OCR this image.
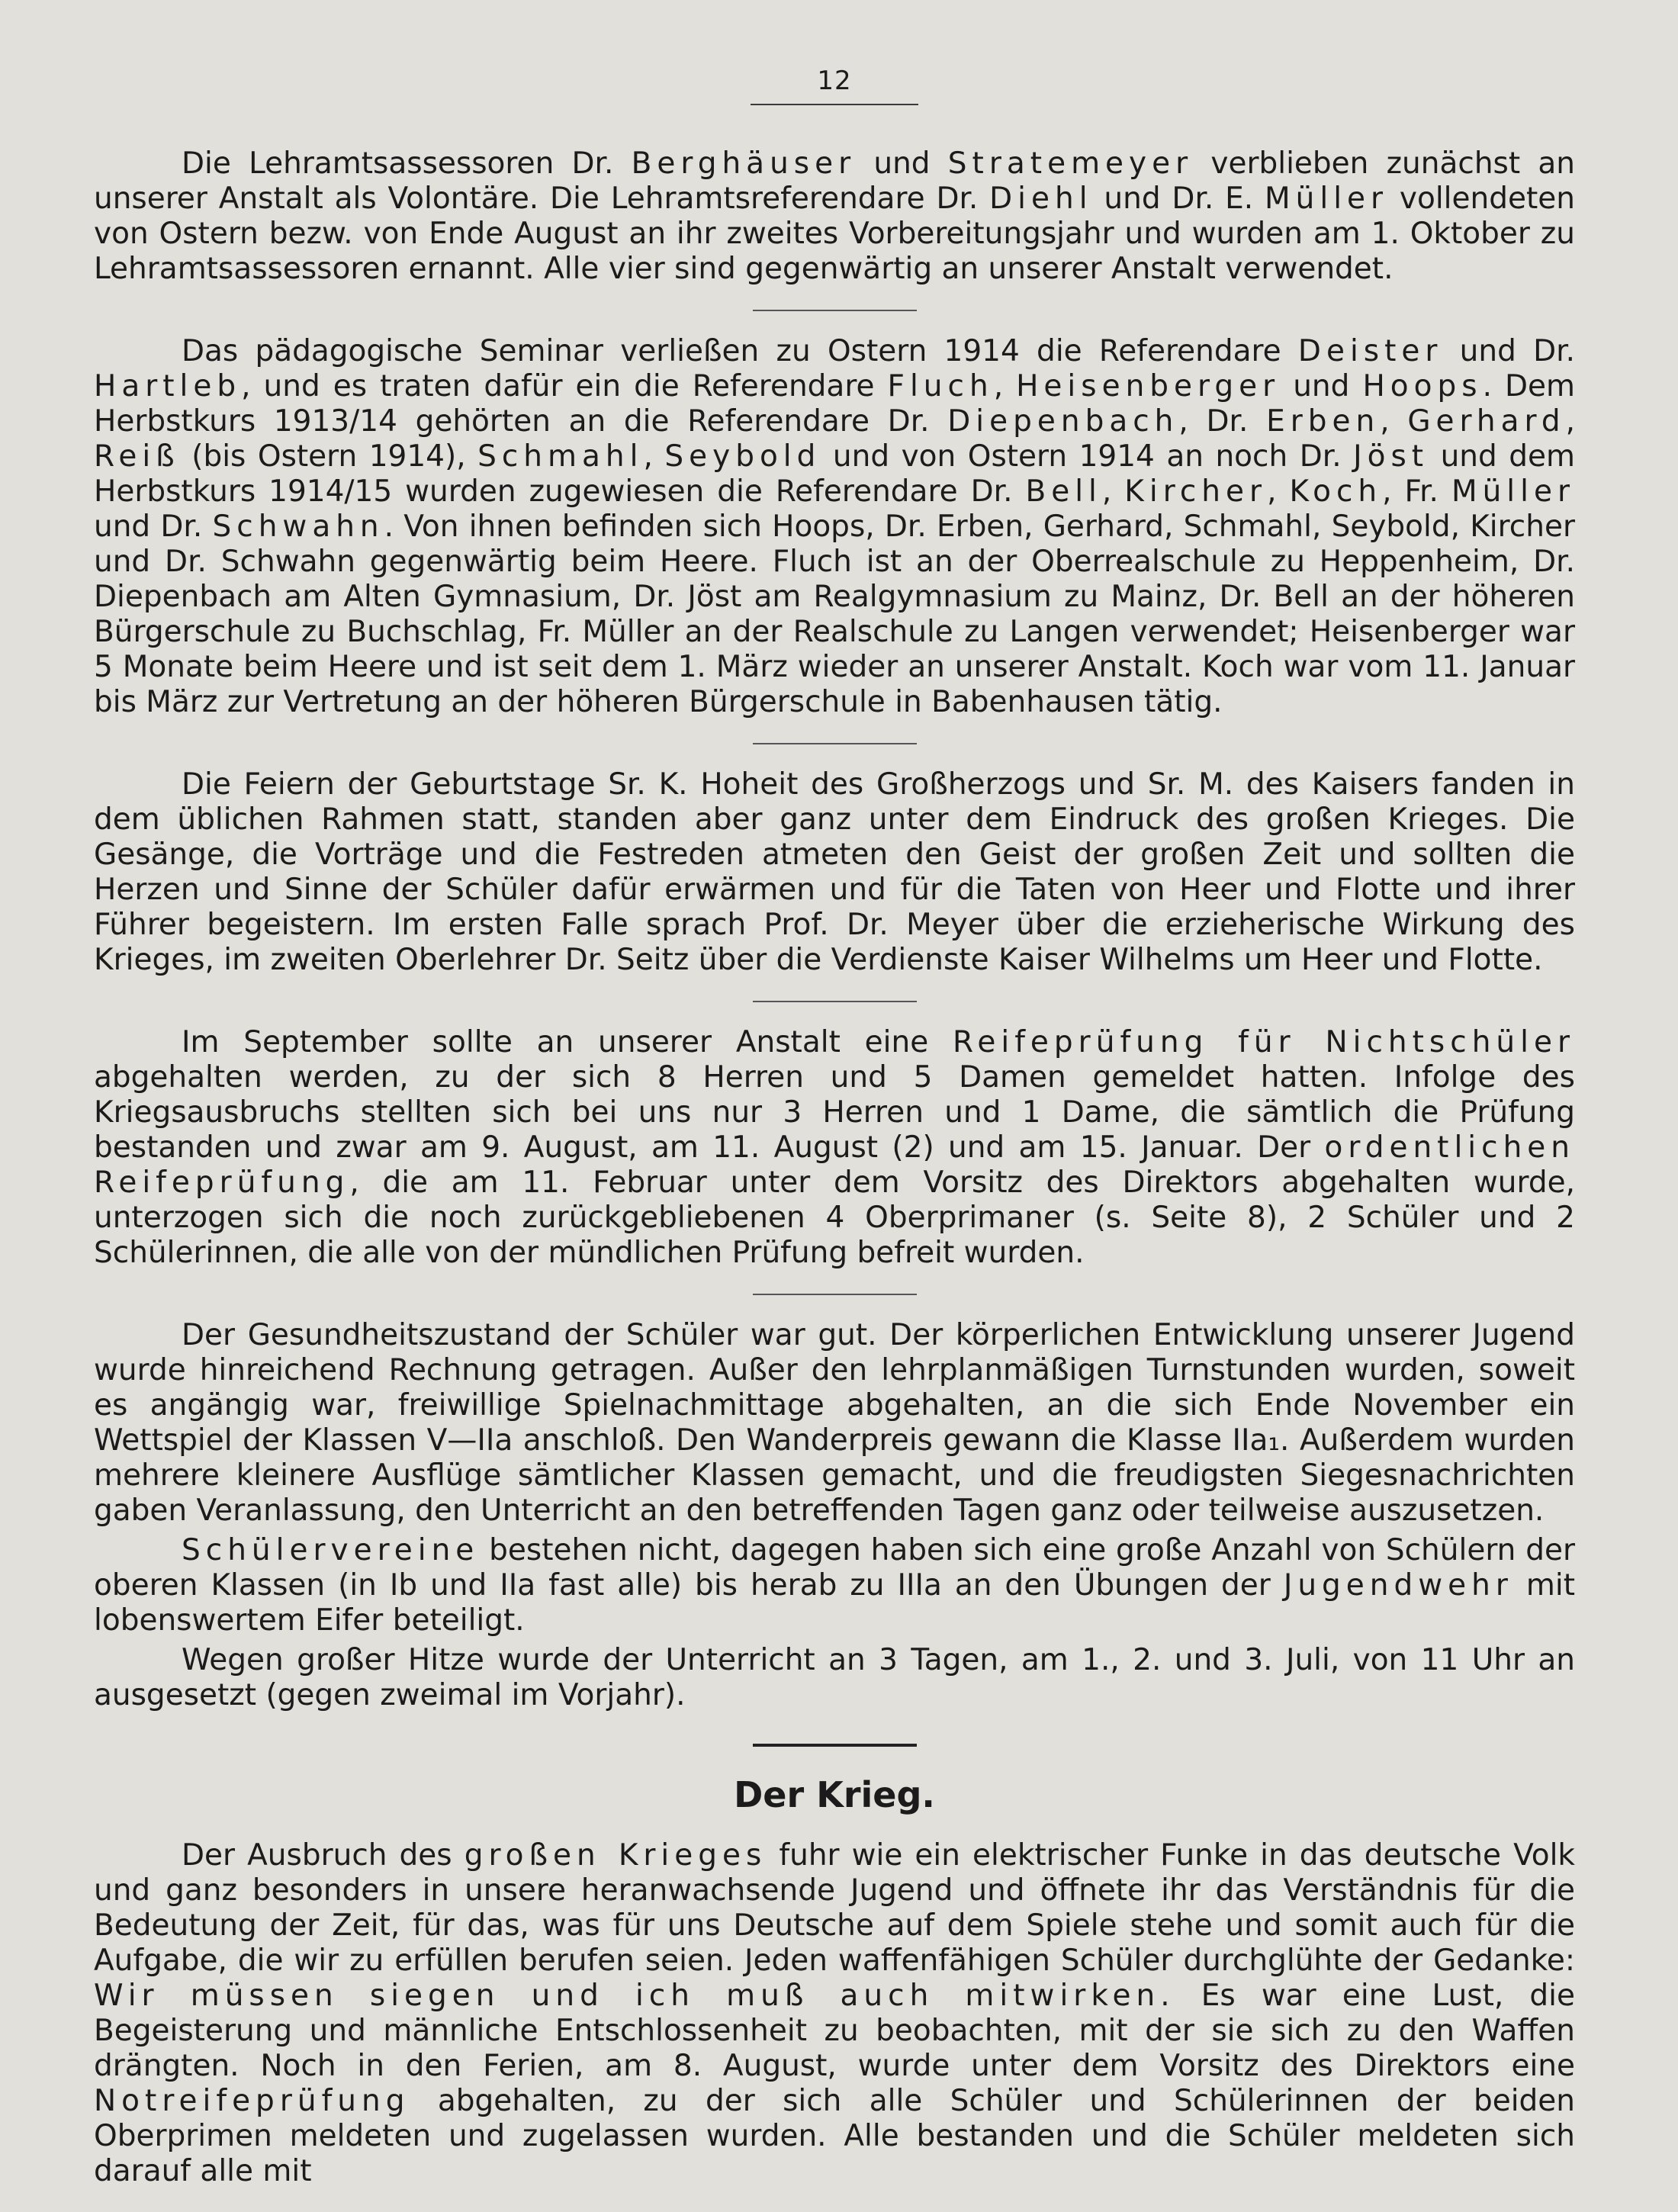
12

Die Lehramtsassessoren Dr. Berghäuser und Stratemeyer verblieben zunächst an unserer Anstalt als Volontäre. Die Lehramtsreferendare Dr. Diehl und Dr. E. Müller vollendeten von Ostern bezw. von Ende August an ihr zweites Vorbereitungsjahr und wurden am 1. Oktober zu Lehramtsassessoren ernannt. Alle vier sind gegenwärtig an unserer Anstalt verwendet.

Das pädagogische Seminar verließen zu Ostern 1914 die Referendare Deister und Dr. Hartleb, und es traten dafür ein die Referendare Fluch, Heisenberger und Hoops. Dem Herbstkurs 1913/14 gehörten an die Referendare Dr. Diepenbach, Dr. Erben, Gerhard, Reiß (bis Ostern 1914), Schmahl, Seybold und von Ostern 1914 an noch Dr. Jöst und dem Herbstkurs 1914/15 wurden zugewiesen die Referendare Dr. Bell, Kircher, Koch, Fr. Müller und Dr. Schwahn. Von ihnen befinden sich Hoops, Dr. Erben, Gerhard, Schmahl, Seybold, Kircher und Dr. Schwahn gegenwärtig beim Heere. Fluch ist an der Oberrealschule zu Heppenheim, Dr. Diepenbach am Alten Gymnasium, Dr. Jöst am Realgymnasium zu Mainz, Dr. Bell an der höheren Bürgerschule zu Buchschlag, Fr. Müller an der Realschule zu Langen verwendet; Heisenberger war 5 Monate beim Heere und ist seit dem 1. März wieder an unserer Anstalt. Koch war vom 11. Januar bis März zur Vertretung an der höheren Bürgerschule in Babenhausen tätig.

Die Feiern der Geburtstage Sr. K. Hoheit des Großherzogs und Sr. M. des Kaisers fanden in dem üblichen Rahmen statt, standen aber ganz unter dem Eindruck des großen Krieges. Die Gesänge, die Vorträge und die Festreden atmeten den Geist der großen Zeit und sollten die Herzen und Sinne der Schüler dafür erwärmen und für die Taten von Heer und Flotte und ihrer Führer begeistern. Im ersten Falle sprach Prof. Dr. Meyer über die erzieherische Wirkung des Krieges, im zweiten Oberlehrer Dr. Seitz über die Verdienste Kaiser Wilhelms um Heer und Flotte.

Im September sollte an unserer Anstalt eine Reifeprüfung für Nichtschüler abgehalten werden, zu der sich 8 Herren und 5 Damen gemeldet hatten. Infolge des Kriegsausbruchs stellten sich bei uns nur 3 Herren und 1 Dame, die sämtlich die Prüfung bestanden und zwar am 9. August, am 11. August (2) und am 15. Januar. Der ordentlichen Reifeprüfung, die am 11. Februar unter dem Vorsitz des Direktors abgehalten wurde, unterzogen sich die noch zurückgebliebenen 4 Oberprimaner (s. Seite 8), 2 Schüler und 2 Schülerinnen, die alle von der mündlichen Prüfung befreit wurden.

Der Gesundheitszustand der Schüler war gut. Der körperlichen Entwicklung unserer Jugend wurde hinreichend Rechnung getragen. Außer den lehrplanmäßigen Turnstunden wurden, soweit es angängig war, freiwillige Spielnachmittage abgehalten, an die sich Ende November ein Wettspiel der Klassen V—IIa anschloß. Den Wanderpreis gewann die Klasse IIa₁. Außerdem wurden mehrere kleinere Ausflüge sämtlicher Klassen gemacht, und die freudigsten Siegesnachrichten gaben Veranlassung, den Unterricht an den betreffenden Tagen ganz oder teilweise auszusetzen.

Schülervereine bestehen nicht, dagegen haben sich eine große Anzahl von Schülern der oberen Klassen (in Ib und IIa fast alle) bis herab zu IIIa an den Übungen der Jugendwehr mit lobenswertem Eifer beteiligt.

Wegen großer Hitze wurde der Unterricht an 3 Tagen, am 1., 2. und 3. Juli, von 11 Uhr an ausgesetzt (gegen zweimal im Vorjahr).

Der Krieg.

Der Ausbruch des großen Krieges fuhr wie ein elektrischer Funke in das deutsche Volk und ganz besonders in unsere heranwachsende Jugend und öffnete ihr das Verständnis für die Bedeutung der Zeit, für das, was für uns Deutsche auf dem Spiele stehe und somit auch für die Aufgabe, die wir zu erfüllen berufen seien. Jeden waffenfähigen Schüler durchglühte der Gedanke: Wir müssen siegen und ich muß auch mitwirken. Es war eine Lust, die Begeisterung und männliche Entschlossenheit zu beobachten, mit der sie sich zu den Waffen drängten. Noch in den Ferien, am 8. August, wurde unter dem Vorsitz des Direktors eine Notreifeprüfung abgehalten, zu der sich alle Schüler und Schülerinnen der beiden Oberprimen meldeten und zugelassen wurden. Alle bestanden und die Schüler meldeten sich darauf alle mit
